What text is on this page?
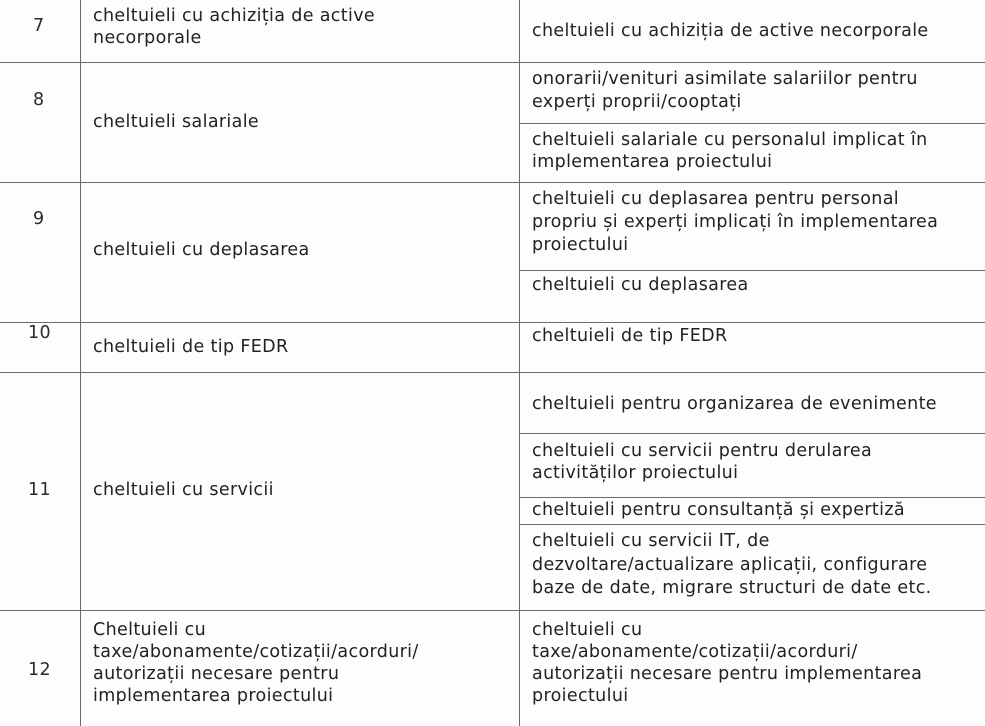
7	cheltuieli cu achiziția de active
necorporale	cheltuieli cu achiziția de active necorporale
8
cheltuieli salariale
onorarii/venituri asimilate salariilor pentru
experți proprii/cooptați
cheltuieli salariale cu personalul implicat în
implementarea proiectului
9
cheltuieli cu deplasarea
cheltuieli cu deplasarea pentru personal
propriu și experți implicați în implementarea
proiectului
cheltuieli cu deplasarea
10
cheltuieli de tip FEDR
cheltuieli de tip FEDR
11 cheltuieli cu servicii
cheltuieli pentru organizarea de evenimente
cheltuieli cu servicii pentru derularea
activităților proiectului
cheltuieli pentru consultanță și expertiză
cheltuieli cu servicii IT, de
dezvoltare/actualizare aplicații, configurare
baze de date, migrare structuri de date etc.
12
Cheltuieli cu
taxe/abonamente/cotizații/acorduri/
autorizații necesare pentru
implementarea proiectului
cheltuieli cu
taxe/abonamente/cotizații/acorduri/
autorizații necesare pentru implementarea
proiectului
